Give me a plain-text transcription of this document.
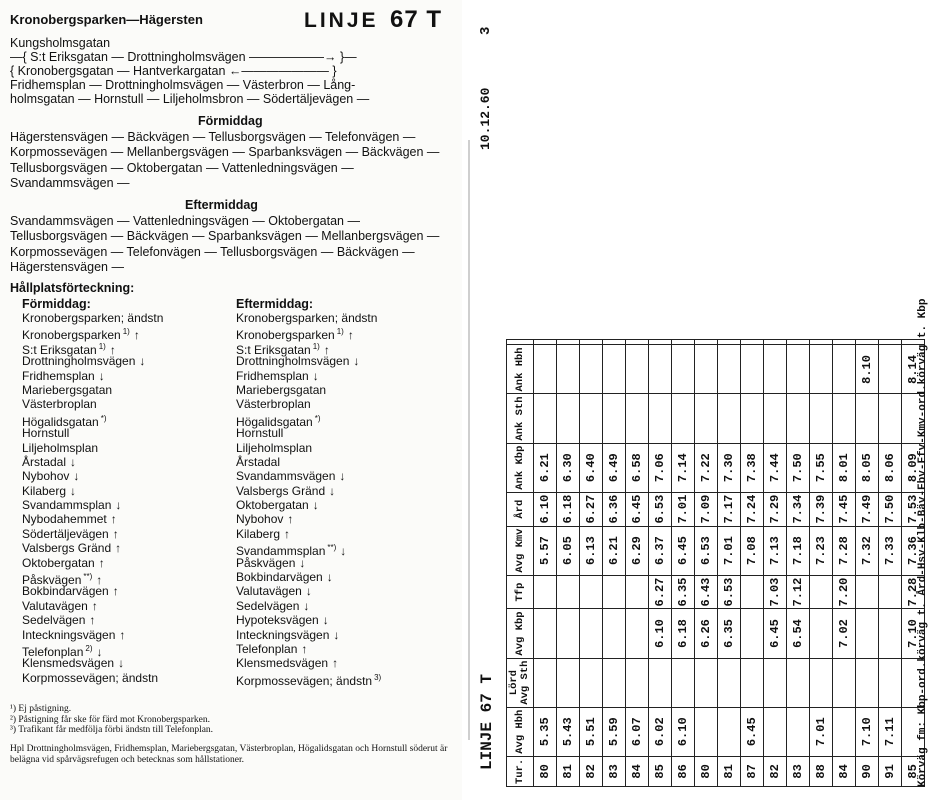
Kronobergsparken—Hägersten	LINJE 67 T
Kungsholmsgatan
—{ S:t Eriksgatan — Drottningholmsvägen ——————→ }—
{ Kronobergsgatan — Hantverkargatan ←——————— }
Fridhemsplan — Drottningholmsvägen — Västerbron — Lång-
holmsgatan — Hornstull — Liljeholmsbron — Södertäljevägen —
Förmiddag
Hägerstensvägen — Bäckvägen — Tellusborgsvägen — Telefonvägen — Korpmossevägen — Mellanbergsvägen — Sparbanksvägen — Bäckvägen — Tellusborgsvägen — Oktobergatan — Vattenledningsvägen — Svandammsvägen —
Eftermiddag
Svandammsvägen — Vattenledningsvägen — Oktobergatan — Tellusborgsvägen — Bäckvägen — Sparbanksvägen — Mellanbergsvägen — Korpmossevägen — Telefonvägen — Tellusborgsvägen — Bäckvägen — Hägerstensvägen —
Hållplatsförteckning:
Förmiddag:
Kronobergsparken; ändstn
Kronobergsparken $^{1)}$ ↑
S:t Eriksgatan $^{1)}$ ↑
Drottningholmsvägen ↓
Fridhemsplan ↓
Mariebergsgatan
Västerbroplan
Högalidsgatan *)
Hornstull
Liljeholmsplan
Årstadal ↓
Nybohov ↓
Kilaberg ↓
Svandammsplan ↓
Nybodahemmet ↑
Södertäljevägen ↑
Valsbergs Gränd ↑
Oktobergatan ↑
Påskvägen **) ↑
Bokbindarvägen ↑
Valutavägen ↑
Sedelvägen ↑
Inteckningsvägen ↑
Telefonplan $^{2)}$ ↓
Klensmedsvägen ↓
Korpmossevägen; ändstn
Eftermiddag:
Kronobergsparken; ändstn
Kronobergsparken $^{1)}$ ↑
S:t Eriksgatan $^{1)}$ ↑
Drottningholmsvägen ↓
Fridhemsplan ↓
Mariebergsgatan
Västerbroplan
Högalidsgatan *)
Hornstull
Liljeholmsplan
Årstadal
Svandammsvägen ↓
Valsbergs Gränd ↓
Oktobergatan ↓
Nybohov ↑
Kilaberg ↑
Svandammsplan **) ↓
Påskvägen ↓
Bokbindarvägen ↓
Valutavägen ↓
Sedelvägen ↓
Hypoteksvägen ↓
Inteckningsvägen ↓
Telefonplan ↑
Klensmedsvägen ↑
Korpmossevägen; ändstn $^{3)}$
¹) Ej påstigning.
²) Påstigning får ske för färd mot Kronobergsparken.
³) Trafikant får medfölja förbi ändstn till Telefonplan.
Hpl Drottningholmsvägen, Fridhemsplan, Mariebergsgatan, Västerbroplan, Högalidsgatan och Hornstull söderut är belägna vid spårvägsrefugen och betecknas som hållstationer.	LINJE 67 T
10.12.60
3
Tur.	Avg Hbh	Lörd Avg Sth	Avg Kbp	Tfp	Avg Kmv	Ård	Ank Kbp	Ank Sth	Ank Hbh	
80	5.35				5.57	6.10	6.21			
81	5.43				6.05	6.18	6.30			
82	5.51				6.13	6.27	6.40			
83	5.59				6.21	6.36	6.49			
84	6.07				6.29	6.45	6.58			
85	6.02		6.10	6.27	6.37	6.53	7.06			
86	6.10		6.18	6.35	6.45	7.01	7.14			
80			6.26	6.43	6.53	7.09	7.22			
81			6.35	6.53	7.01	7.17	7.30			
87	6.45				7.08	7.24	7.38			
82			6.45	7.03	7.13	7.29	7.44			
83			6.54	7.12	7.18	7.34	7.50			
88	7.01				7.23	7.39	7.55			
84			7.02	7.20	7.28	7.45	8.01			
90	7.10				7.32	7.49	8.05		8.10	
91	7.11				7.33	7.50	8.06			
85			7.10	7.28	7.36	7.53	8.09		8.14	
Körväg fm: Kbp-ord.körväg t. Ård-Hsv-Klb-Bäv-Fbv-Ffv-Kmv-ord.körväg t. Kbp
